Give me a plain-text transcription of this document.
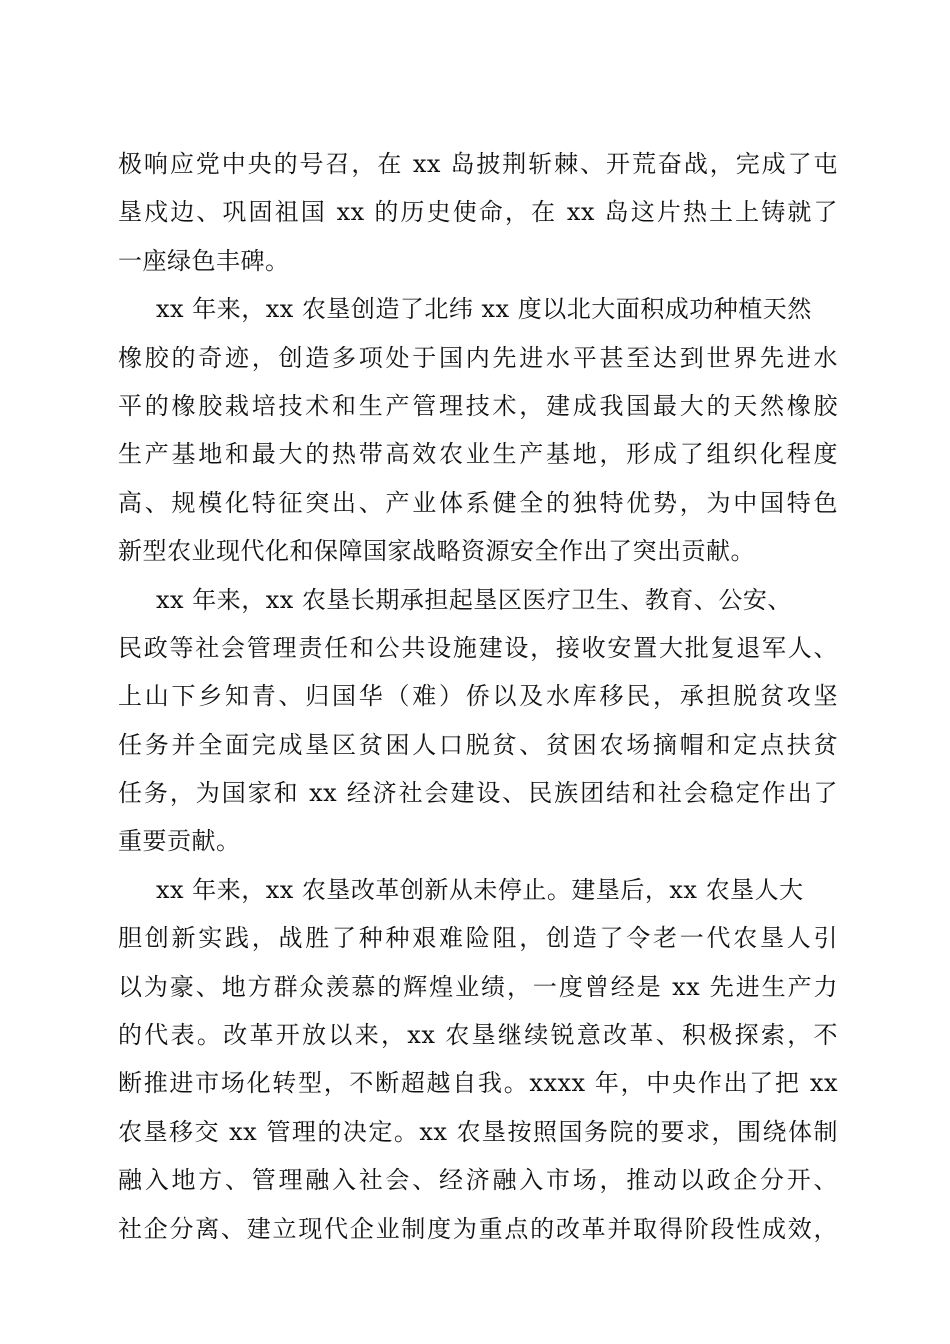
极响应党中央的号召，在 xx 岛披荆斩棘、开荒奋战，完成了屯
垦戍边、巩固祖国 xx 的历史使命，在 xx 岛这片热土上铸就了
一座绿色丰碑。
xx 年来，xx 农垦创造了北纬 xx 度以北大面积成功种植天然
橡胶的奇迹，创造多项处于国内先进水平甚至达到世界先进水
平的橡胶栽培技术和生产管理技术，建成我国最大的天然橡胶
生产基地和最大的热带高效农业生产基地，形成了组织化程度
高、规模化特征突出、产业体系健全的独特优势，为中国特色
新型农业现代化和保障国家战略资源安全作出了突出贡献。
xx 年来，xx 农垦长期承担起垦区医疗卫生、教育、公安、
民政等社会管理责任和公共设施建设，接收安置大批复退军人、
上山下乡知青、归国华（难）侨以及水库移民，承担脱贫攻坚
任务并全面完成垦区贫困人口脱贫、贫困农场摘帽和定点扶贫
任务，为国家和 xx 经济社会建设、民族团结和社会稳定作出了
重要贡献。
xx 年来，xx 农垦改革创新从未停止。建垦后，xx 农垦人大
胆创新实践，战胜了种种艰难险阻，创造了令老一代农垦人引
以为豪、地方群众羡慕的辉煌业绩，一度曾经是 xx 先进生产力
的代表。改革开放以来，xx 农垦继续锐意改革、积极探索，不
断推进市场化转型，不断超越自我。xxxx 年，中央作出了把 xx
农垦移交 xx 管理的决定。xx 农垦按照国务院的要求，围绕体制
融入地方、管理融入社会、经济融入市场，推动以政企分开、
社企分离、建立现代企业制度为重点的改革并取得阶段性成效，
